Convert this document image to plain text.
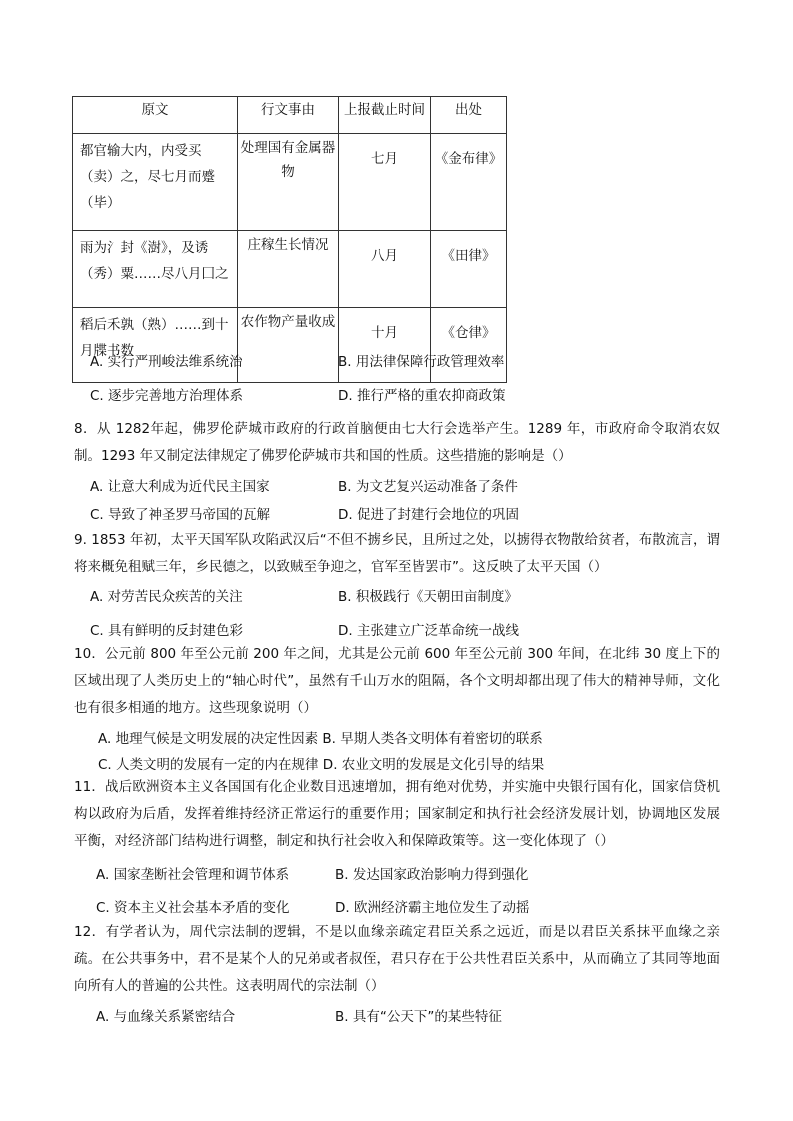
原文	行文事由	上报截止时间	出处
都官输大内，内受买（卖）之，尽七月而蹙（毕）	处理国有金属器物	七月	《金布律》
雨为氵封《澍》，及诱（秀）粟……尽八月囗之	庄稼生长情况	八月	《田律》
稻后禾孰（熟）……到十月牒书数	农作物产量收成	十月	《仓律》
A. 实行严刑峻法维系统治	B. 用法律保障行政管理效率
C. 逐步完善地方治理体系	D. 推行严格的重农抑商政策
8．从 1282年起，佛罗伦萨城市政府的行政首脑便由七大行会选举产生。1289 年，市政府命令取消农奴制。1293 年又制定法律规定了佛罗伦萨城市共和国的性质。这些措施的影响是（）
A. 让意大利成为近代民主国家	B. 为文艺复兴运动准备了条件
C. 导致了神圣罗马帝国的瓦解	D. 促进了封建行会地位的巩固
9. 1853 年初，太平天国军队攻陷武汉后“不但不掳乡民，且所过之处，以掳得衣物散给贫者，布散流言，谓将来概免租赋三年，乡民德之，以致贼至争迎之，官军至皆罢市”。这反映了太平天国（）
A. 对劳苦民众疾苦的关注	B. 积极践行《天朝田亩制度》
C. 具有鲜明的反封建色彩	D. 主张建立广泛革命统一战线
10．公元前 800 年至公元前 200 年之间，尤其是公元前 600 年至公元前 300 年间，在北纬 30 度上下的区域出现了人类历史上的“轴心时代”，虽然有千山万水的阻隔，各个文明却都出现了伟大的精神导师，文化也有很多相通的地方。这些现象说明（）
A. 地理气候是文明发展的决定性因素 B. 早期人类各文明体有着密切的联系
C. 人类文明的发展有一定的内在规律 D. 农业文明的发展是文化引导的结果
11．战后欧洲资本主义各国国有化企业数目迅速增加，拥有绝对优势，并实施中央银行国有化，国家信贷机构以政府为后盾，发挥着维持经济正常运行的重要作用；国家制定和执行社会经济发展计划，协调地区发展平衡，对经济部门结构进行调整，制定和执行社会收入和保障政策等。这一变化体现了（）
A. 国家垄断社会管理和调节体系	B. 发达国家政治影响力得到强化
C. 资本主义社会基本矛盾的变化	D. 欧洲经济霸主地位发生了动摇
12．有学者认为，周代宗法制的逻辑，不是以血缘亲疏定君臣关系之远近，而是以君臣关系抹平血缘之亲疏。在公共事务中，君不是某个人的兄弟或者叔侄，君只存在于公共性君臣关系中，从而确立了其同等地面向所有人的普遍的公共性。这表明周代的宗法制（）
A. 与血缘关系紧密结合	B. 具有“公天下”的某些特征
